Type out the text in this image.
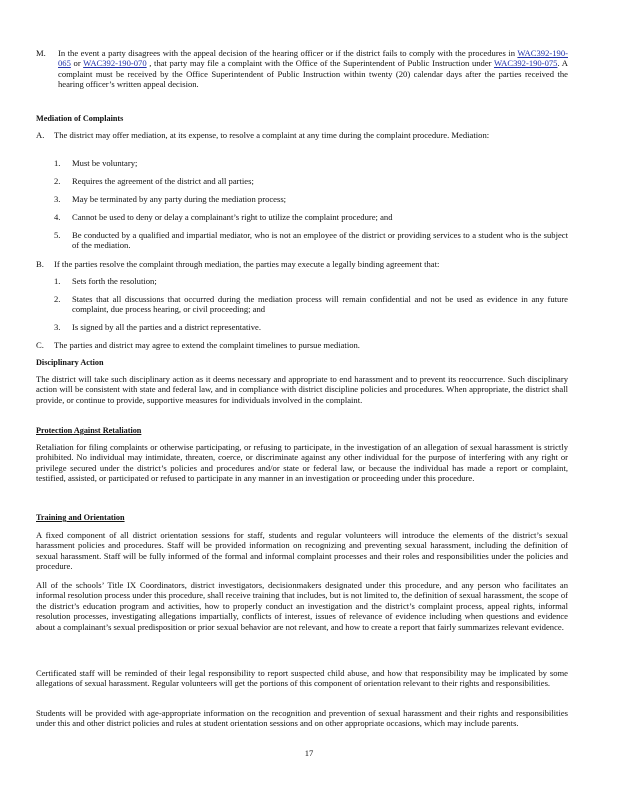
M. In the event a party disagrees with the appeal decision of the hearing officer or if the district fails to comply with the procedures in WAC392-190-065 or WAC392-190-070 , that party may file a complaint with the Office of the Superintendent of Public Instruction under WAC392-190-075. A complaint must be received by the Office Superintendent of Public Instruction within twenty (20) calendar days after the parties received the hearing officer’s written appeal decision.

Mediation of Complaints

A. The district may offer mediation, at its expense, to resolve a complaint at any time during the complaint procedure. Mediation:

1. Must be voluntary;

2. Requires the agreement of the district and all parties;

3. May be terminated by any party during the mediation process;

4. Cannot be used to deny or delay a complainant’s right to utilize the complaint procedure; and

5. Be conducted by a qualified and impartial mediator, who is not an employee of the district or providing services to a student who is the subject of the mediation.

B. If the parties resolve the complaint through mediation, the parties may execute a legally binding agreement that:

1. Sets forth the resolution;

2. States that all discussions that occurred during the mediation process will remain confidential and not be used as evidence in any future complaint, due process hearing, or civil proceeding; and

3. Is signed by all the parties and a district representative.

C. The parties and district may agree to extend the complaint timelines to pursue mediation.

Disciplinary Action

The district will take such disciplinary action as it deems necessary and appropriate to end harassment and to prevent its reoccurrence. Such disciplinary action will be consistent with state and federal law, and in compliance with district discipline policies and procedures. When appropriate, the district shall provide, or continue to provide, supportive measures for individuals involved in the complaint.

Protection Against Retaliation

Retaliation for filing complaints or otherwise participating, or refusing to participate, in the investigation of an allegation of sexual harassment is strictly prohibited. No individual may intimidate, threaten, coerce, or discriminate against any other individual for the purpose of interfering with any right or privilege secured under the district’s policies and procedures and/or state or federal law, or because the individual has made a report or complaint, testified, assisted, or participated or refused to participate in any manner in an investigation or proceeding under this procedure.

Training and Orientation

A fixed component of all district orientation sessions for staff, students and regular volunteers will introduce the elements of the district’s sexual harassment policies and procedures. Staff will be provided information on recognizing and preventing sexual harassment, including the definition of sexual harassment. Staff will be fully informed of the formal and informal complaint processes and their roles and responsibilities under the policies and procedure.

All of the schools’ Title IX Coordinators, district investigators, decisionmakers designated under this procedure, and any person who facilitates an informal resolution process under this procedure, shall receive training that includes, but is not limited to, the definition of sexual harassment, the scope of the district’s education program and activities, how to properly conduct an investigation and the district’s complaint process, appeal rights, informal resolution processes, investigating allegations impartially, conflicts of interest, issues of relevance of evidence including when questions and evidence about a complainant’s sexual predisposition or prior sexual behavior are not relevant, and how to create a report that fairly summarizes relevant evidence.

Certificated staff will be reminded of their legal responsibility to report suspected child abuse, and how that responsibility may be implicated by some allegations of sexual harassment. Regular volunteers will get the portions of this component of orientation relevant to their rights and responsibilities.

Students will be provided with age-appropriate information on the recognition and prevention of sexual harassment and their rights and responsibilities under this and other district policies and rules at student orientation sessions and on other appropriate occasions, which may include parents.

17
